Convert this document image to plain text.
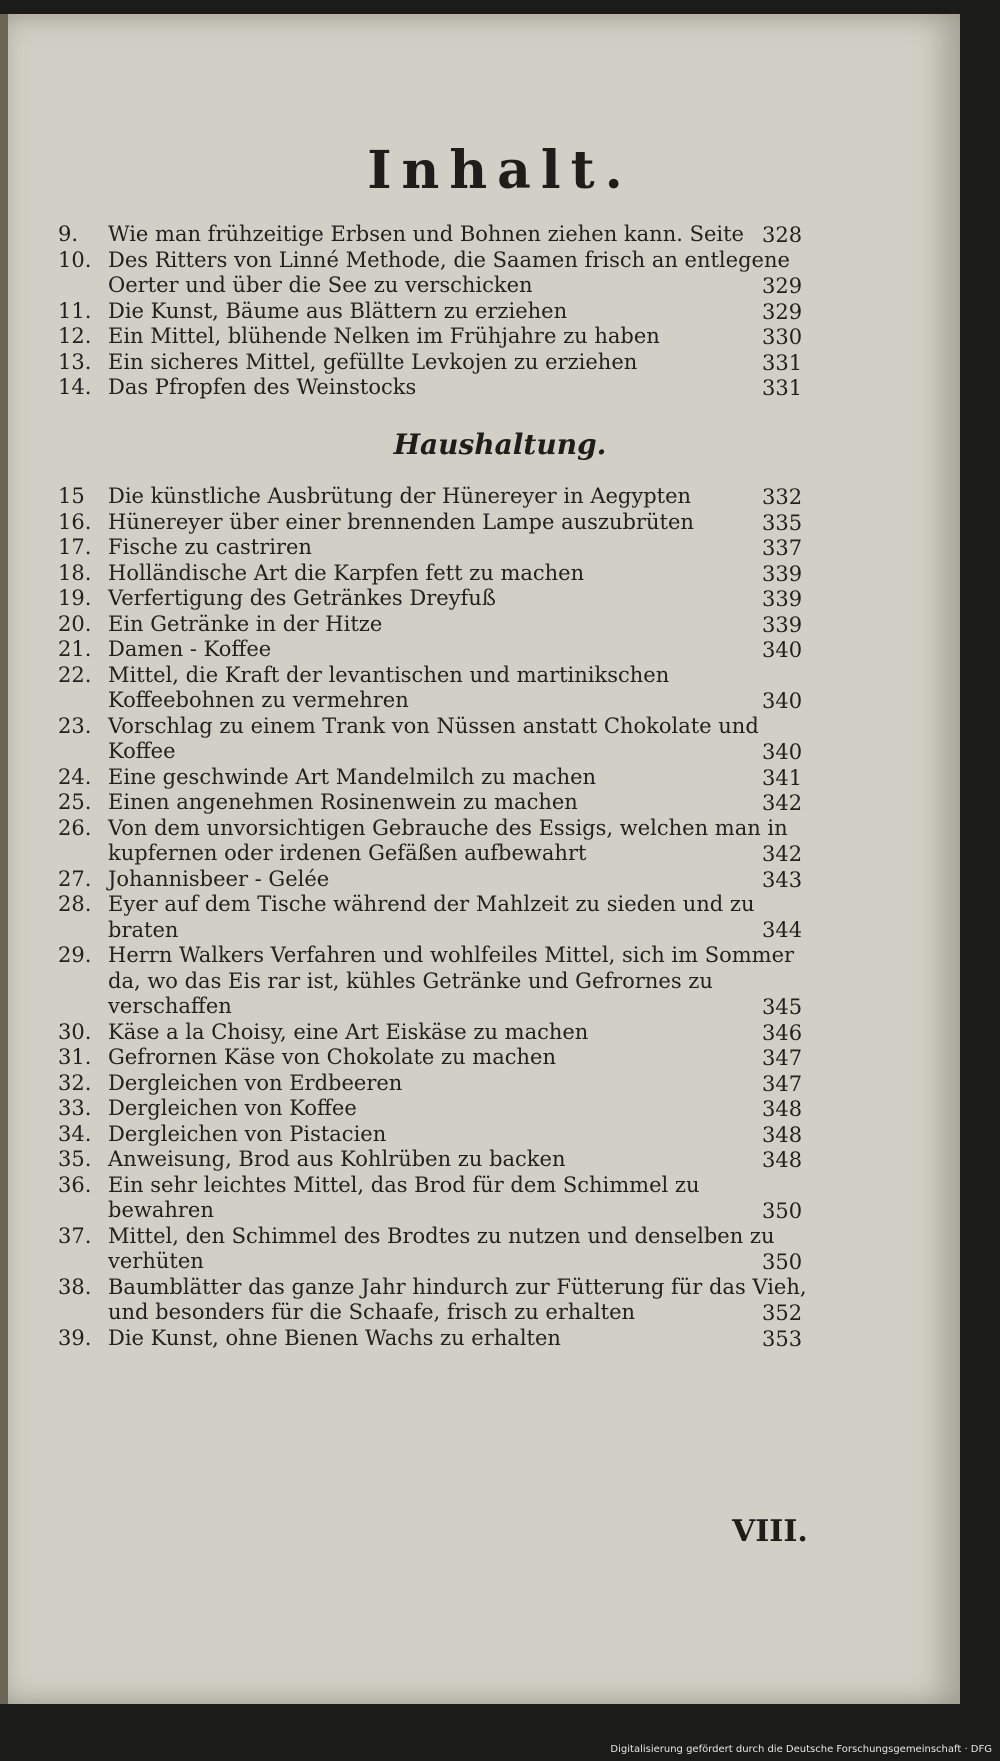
Inhalt.
9.	Wie man frühzeitige Erbsen und Bohnen ziehen kann. Seite 328
10. Des Ritters von Linné Methode, die Saamen frisch an entlegene Oerter und über die See zu verschicken	329
11. Die Kunst, Bäume aus Blättern zu erziehen	329
12. Ein Mittel, blühende Nelken im Frühjahre zu haben	330
13. Ein sicheres Mittel, gefüllte Levkojen zu erziehen	331
14. Das Pfropfen des Weinstocks	331
Haushaltung.
15	Die künstliche Ausbrütung der Hünereyer in Aegypten	332
16. Hünereyer über einer brennenden Lampe auszubrüten	335
17. Fische zu castriren	337
18. Holländische Art die Karpfen fett zu machen	339
19. Verfertigung des Getränkes Dreyfuß	339
20. Ein Getränke in der Hitze	339
21. Damen - Koffee	340
22. Mittel, die Kraft der levantischen und martinikschen Koffeebohnen zu vermehren	340
23. Vorschlag zu einem Trank von Nüssen anstatt Chokolate und Koffee	340
24. Eine geschwinde Art Mandelmilch zu machen	341
25. Einen angenehmen Rosinenwein zu machen	342
26. Von dem unvorsichtigen Gebrauche des Essigs, welchen man in kupfernen oder irdenen Gefäßen aufbewahrt	342
27. Johannisbeer - Gelée	343
28. Eyer auf dem Tische während der Mahlzeit zu sieden und zu braten	344
29. Herrn Walkers Verfahren und wohlfeiles Mittel, sich im Sommer da, wo das Eis rar ist, kühles Getränke und Gefrornes zu verschaffen	345
30. Käse a la Choisy, eine Art Eiskäse zu machen	346
31. Gefrornen Käse von Chokolate zu machen	347
32. Dergleichen von Erdbeeren	347
33. Dergleichen von Koffee	348
34. Dergleichen von Pistacien	348
35. Anweisung, Brod aus Kohlrüben zu backen	348
36. Ein sehr leichtes Mittel, das Brod für dem Schimmel zu bewahren	350
37. Mittel, den Schimmel des Brodtes zu nutzen und denselben zu verhüten	350
38. Baumblätter das ganze Jahr hindurch zur Fütterung für das Vieh, und besonders für die Schaafe, frisch zu erhalten	352
39. Die Kunst, ohne Bienen Wachs zu erhalten	353
VIII.
Digitalisierung gefördert durch die Deutsche Forschungsgemeinschaft · DFG
